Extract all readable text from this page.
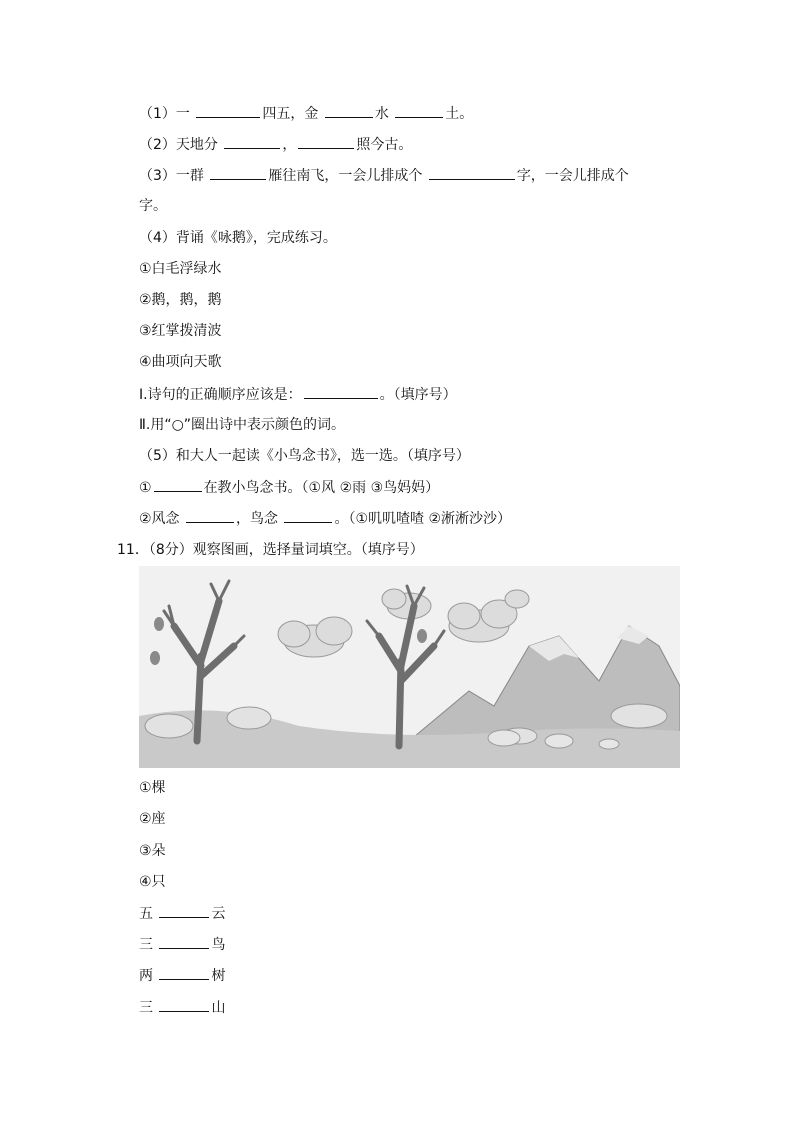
（1）一	四五，金	水	土。
（2）天地分	，	照今古。
（3）一群	雁往南飞，一会儿排成个	字，一会儿排成个
字。
（4）背诵《咏鹅》，完成练习。
①白毛浮绿水
②鹅，鹅，鹅
③红掌拨清波
④曲项向天歌
Ⅰ.诗句的正确顺序应该是：	。（填序号）
Ⅱ.用“○”圈出诗中表示颜色的词。
（5）和大人一起读《小鸟念书》，选一选。（填序号）
①	在教小鸟念书。（①风 ②雨 ③鸟妈妈）
②风念	，鸟念	。（①叽叽喳喳 ②淅淅沙沙）
11．（8分）观察图画，选择量词填空。（填序号）
①棵
②座
③朵
④只
五	云
三	鸟
两	树
三	山
